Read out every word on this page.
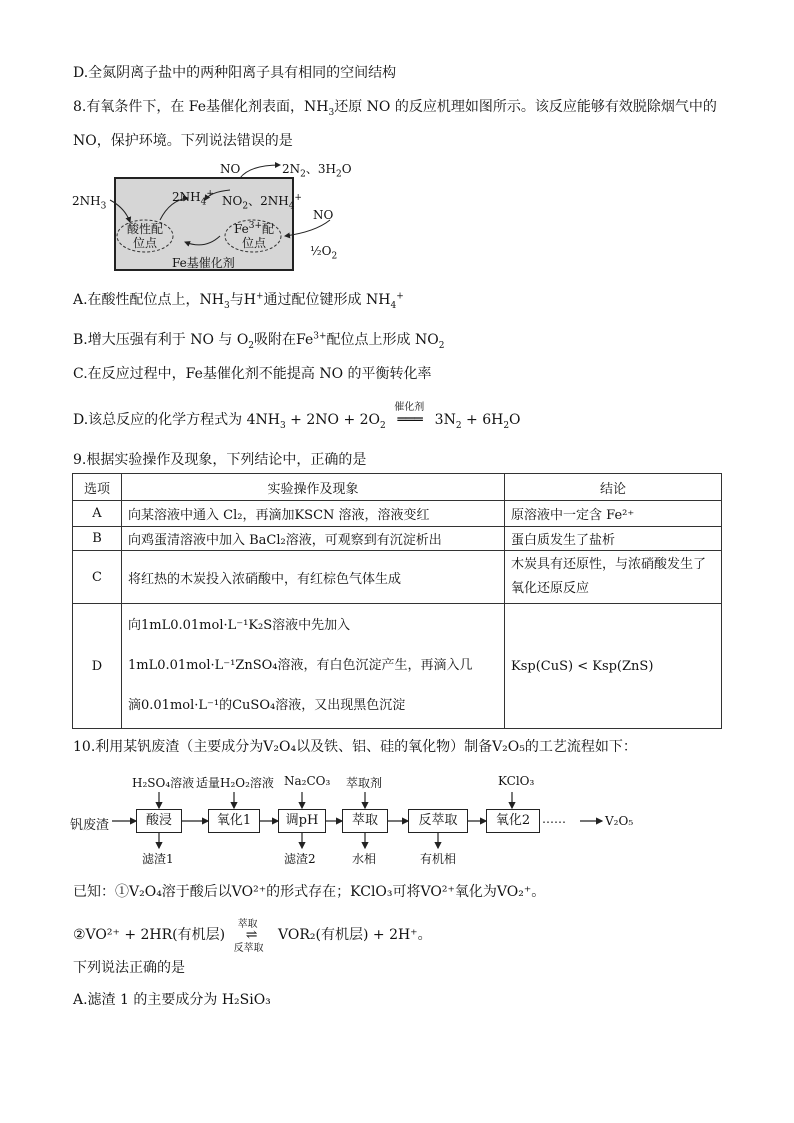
D.全氮阴离子盐中的两种阳离子具有相同的空间结构
8.有氧条件下，在 Fe基催化剂表面，$NH_3$还原 NO 的反应机理如图所示。该反应能够有效脱除烟气中的
NO，保护环境。下列说法错误的是
$2NH_3$
NO	$2N_2$、$3H_2O$
$2NH_4^+$ $NO_2$、$2NH_4^+$
酸性配位点
$Fe^{3+}$配位点
NO
$\frac{1}{2}O_2$
Fe基催化剂
A.在酸性配位点上，$NH_3$与H+通过配位键形成 $NH_4^+$
B.增大压强有利于 NO 与 $O_2$吸附在$Fe^{3+}$配位点上形成 $NO_2$
C.在反应过程中，Fe基催化剂不能提高 NO 的平衡转化率
D.该总反应的化学方程式为 $4NH_3 + 2NO + 2O_2$
催化剂
═══ $3N_2 + 6H_2O$
9.根据实验操作及现象，下列结论中，正确的是
选项	实验操作及现象	结论
A	向某溶液中通入 Cl₂，再滴加KSCN 溶液，溶液变红	原溶液中一定含 Fe²⁺
B	向鸡蛋清溶液中加入 BaCl₂溶液，可观察到有沉淀析出	蛋白质发生了盐析
C	将红热的木炭投入浓硝酸中，有红棕色气体生成	木炭具有还原性，与浓硝酸发生了氧化还原反应
D	向1mL0.01mol·L⁻¹K₂S溶液中先加入
1mL0.01mol·L⁻¹ZnSO₄溶液，有白色沉淀产生，再滴入几
滴0.01mol·L⁻¹的CuSO₄溶液，又出现黑色沉淀	Ksp(CuS) < Ksp(ZnS)
10.利用某钒废渣（主要成分为V₂O₄以及铁、铝、硅的氧化物）制备V₂O₅的工艺流程如下：
钒废渣	酸浸	氧化1	调pH	萃取	反萃取	氧化2 ……	V₂O₅
H₂SO₄溶液 适量H₂O₂溶液 Na₂CO₃ 萃取剂	KClO₃
滤渣1	滤渣2	水相	有机相
已知：①V₂O₄溶于酸后以VO²⁺的形式存在；KClO₃可将VO²⁺氧化为VO₂⁺。
②VO²⁺ + 2HR(有机层)
萃取
⇌
反萃取
VOR₂(有机层) + 2H⁺。
下列说法正确的是
A.滤渣 1 的主要成分为 H₂SiO₃
